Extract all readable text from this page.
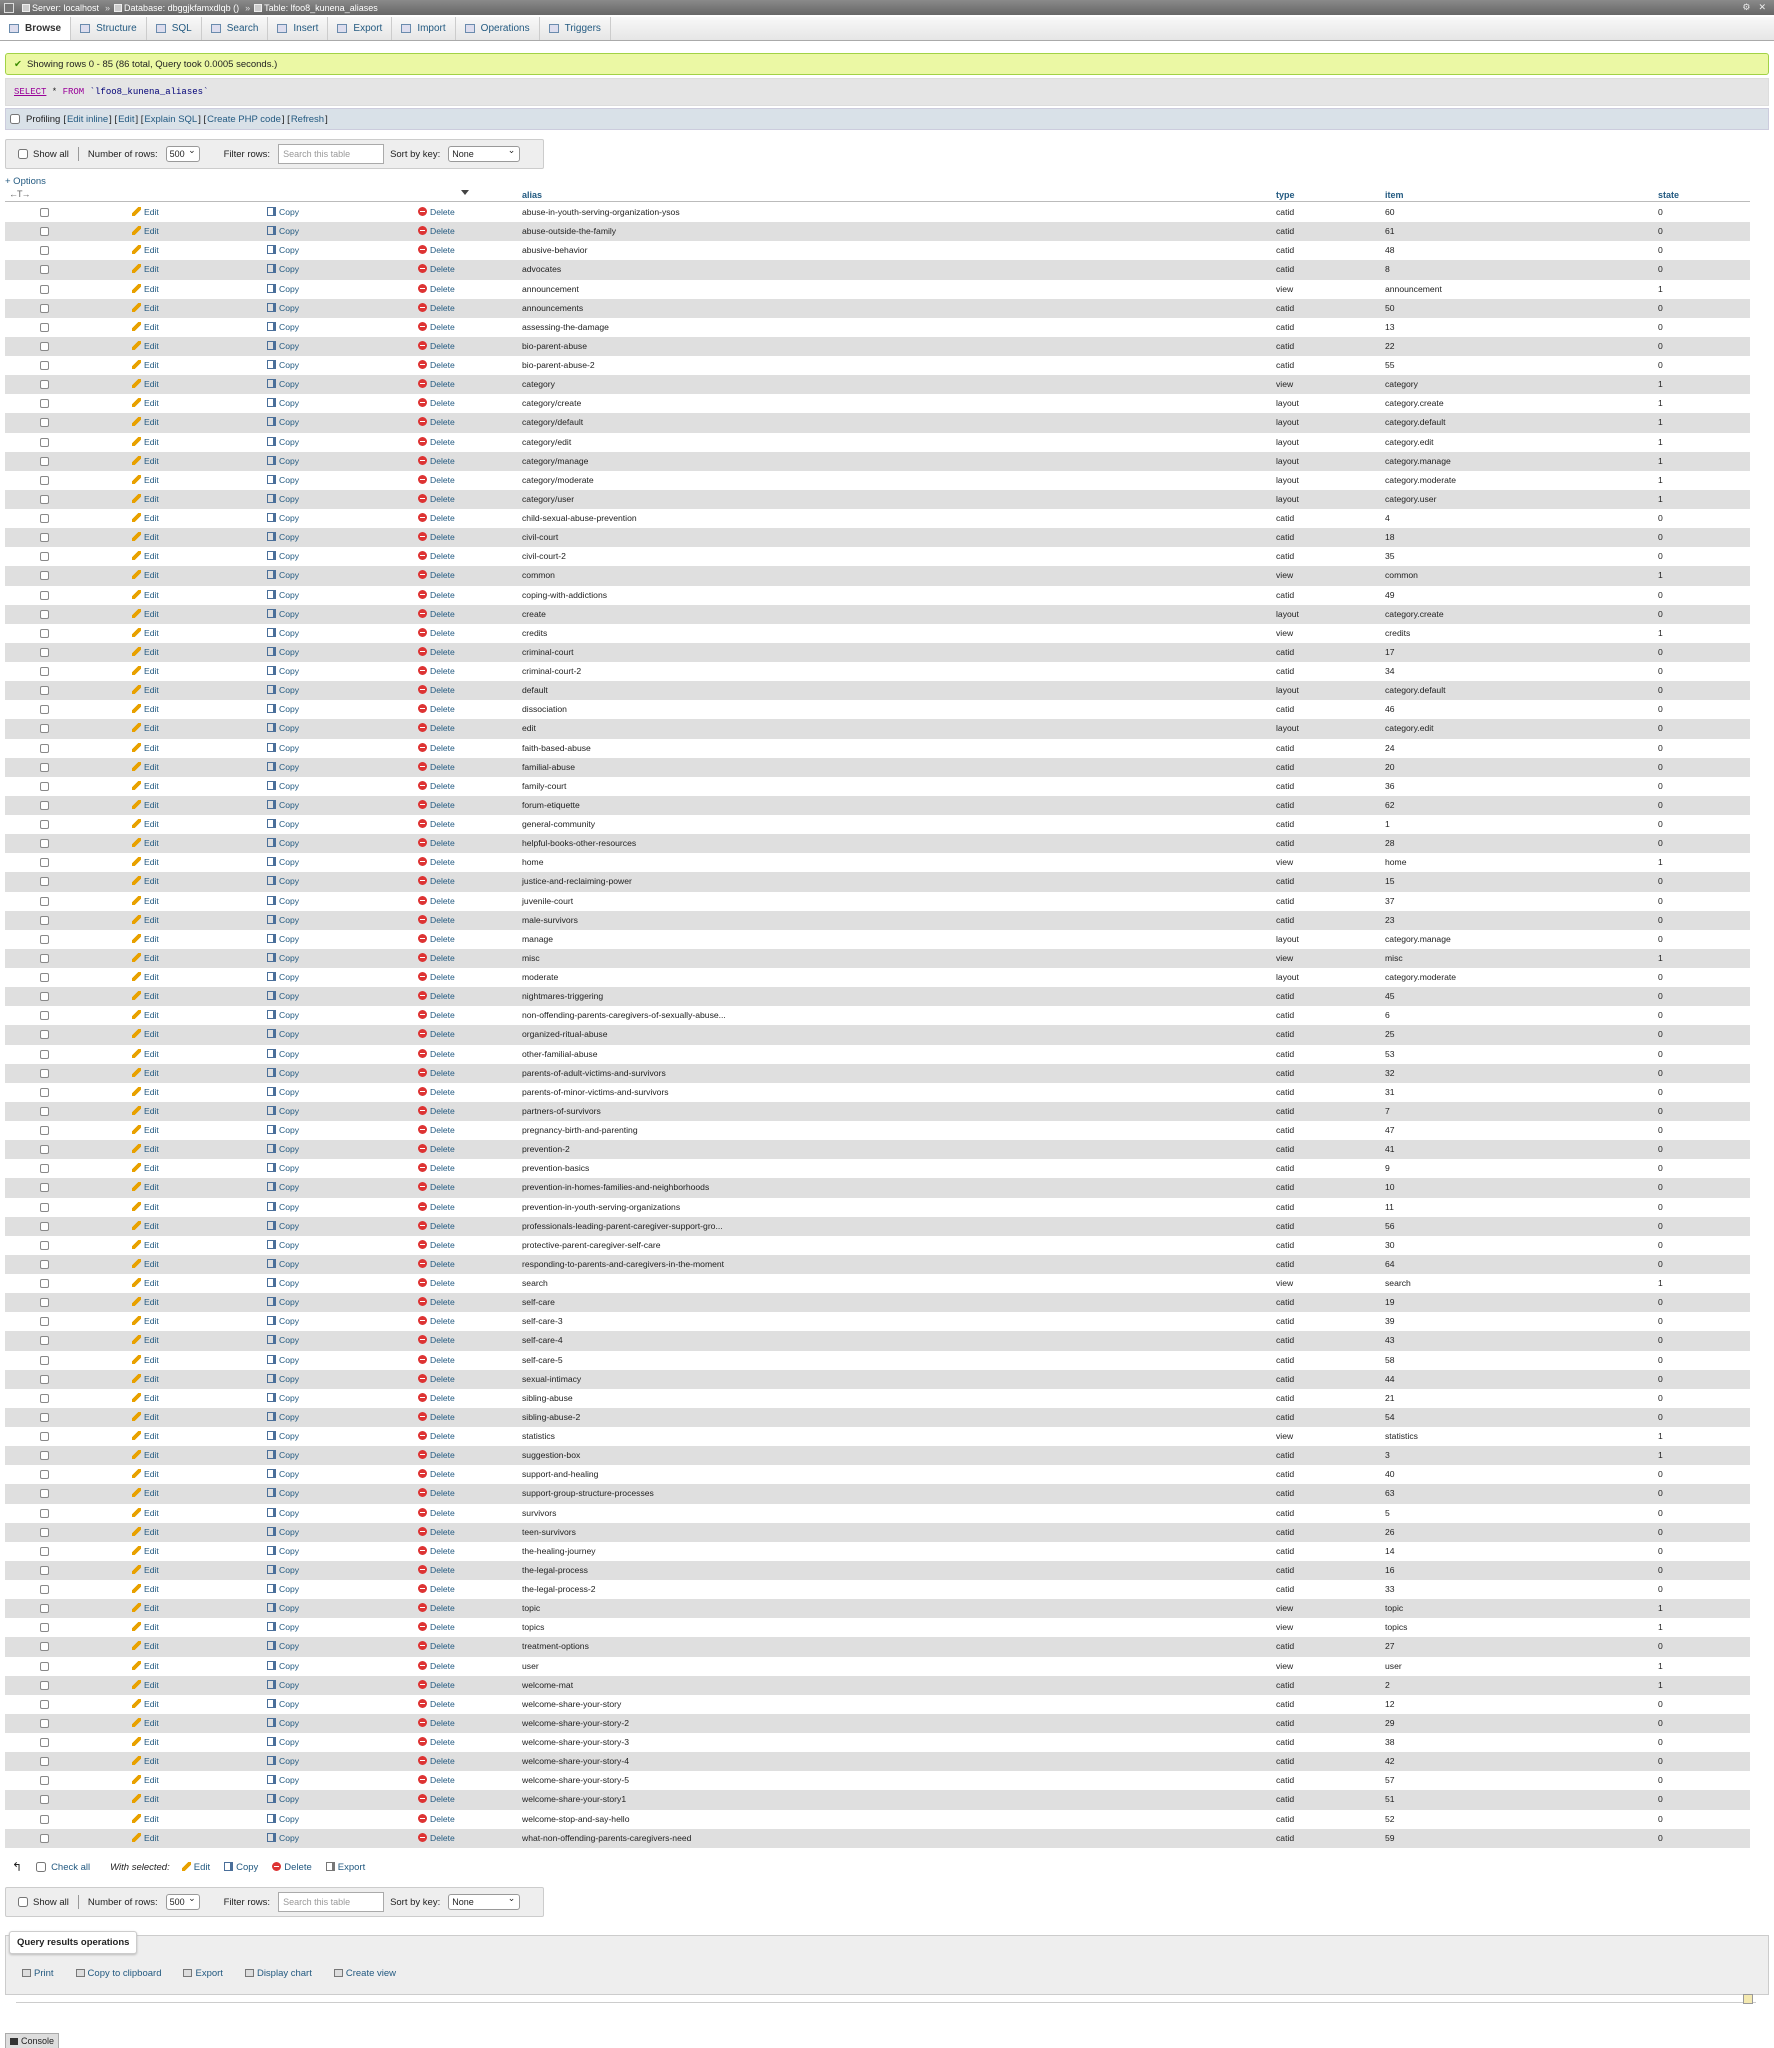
Server: localhost » Database: dbggjkfamxdlqb () » Table: lfoo8_kunena_aliases	⚙ ✕
Browse	Structure	SQL	Search	Insert	Export	Import	Operations	Triggers
✔ Showing rows 0 - 85 (86 total, Query took 0.0005 seconds.)
SELECT * FROM `lfoo8_kunena_aliases`
Profiling [Edit inline] [Edit] [Explain SQL] [Create PHP code] [Refresh]
Show all Number of rows:	500 ⌄	Filter rows:	Search this table	Sort by key:	None ⌄
+ Options
←T→	alias	type	item	state
Edit	Copy	Delete	abuse-in-youth-serving-organization-ysos	catid	60	0
Edit	Copy	Delete	abuse-outside-the-family	catid	61	0
Edit	Copy	Delete	abusive-behavior	catid	48	0
Edit	Copy	Delete	advocates	catid	8	0
Edit	Copy	Delete	announcement	view	announcement	1
Edit	Copy	Delete	announcements	catid	50	0
Edit	Copy	Delete	assessing-the-damage	catid	13	0
Edit	Copy	Delete	bio-parent-abuse	catid	22	0
Edit	Copy	Delete	bio-parent-abuse-2	catid	55	0
Edit	Copy	Delete	category	view	category	1
Edit	Copy	Delete	category/create	layout	category.create	1
Edit	Copy	Delete	category/default	layout	category.default	1
Edit	Copy	Delete	category/edit	layout	category.edit	1
Edit	Copy	Delete	category/manage	layout	category.manage	1
Edit	Copy	Delete	category/moderate	layout	category.moderate	1
Edit	Copy	Delete	category/user	layout	category.user	1
Edit	Copy	Delete	child-sexual-abuse-prevention	catid	4	0
Edit	Copy	Delete	civil-court	catid	18	0
Edit	Copy	Delete	civil-court-2	catid	35	0
Edit	Copy	Delete	common	view	common	1
Edit	Copy	Delete	coping-with-addictions	catid	49	0
Edit	Copy	Delete	create	layout	category.create	0
Edit	Copy	Delete	credits	view	credits	1
Edit	Copy	Delete	criminal-court	catid	17	0
Edit	Copy	Delete	criminal-court-2	catid	34	0
Edit	Copy	Delete	default	layout	category.default	0
Edit	Copy	Delete	dissociation	catid	46	0
Edit	Copy	Delete	edit	layout	category.edit	0
Edit	Copy	Delete	faith-based-abuse	catid	24	0
Edit	Copy	Delete	familial-abuse	catid	20	0
Edit	Copy	Delete	family-court	catid	36	0
Edit	Copy	Delete	forum-etiquette	catid	62	0
Edit	Copy	Delete	general-community	catid	1	0
Edit	Copy	Delete	helpful-books-other-resources	catid	28	0
Edit	Copy	Delete	home	view	home	1
Edit	Copy	Delete	justice-and-reclaiming-power	catid	15	0
Edit	Copy	Delete	juvenile-court	catid	37	0
Edit	Copy	Delete	male-survivors	catid	23	0
Edit	Copy	Delete	manage	layout	category.manage	0
Edit	Copy	Delete	misc	view	misc	1
Edit	Copy	Delete	moderate	layout	category.moderate	0
Edit	Copy	Delete	nightmares-triggering	catid	45	0
Edit	Copy	Delete	non-offending-parents-caregivers-of-sexually-abuse...	catid	6	0
Edit	Copy	Delete	organized-ritual-abuse	catid	25	0
Edit	Copy	Delete	other-familial-abuse	catid	53	0
Edit	Copy	Delete	parents-of-adult-victims-and-survivors	catid	32	0
Edit	Copy	Delete	parents-of-minor-victims-and-survivors	catid	31	0
Edit	Copy	Delete	partners-of-survivors	catid	7	0
Edit	Copy	Delete	pregnancy-birth-and-parenting	catid	47	0
Edit	Copy	Delete	prevention-2	catid	41	0
Edit	Copy	Delete	prevention-basics	catid	9	0
Edit	Copy	Delete	prevention-in-homes-families-and-neighborhoods	catid	10	0
Edit	Copy	Delete	prevention-in-youth-serving-organizations	catid	11	0
Edit	Copy	Delete	professionals-leading-parent-caregiver-support-gro...	catid	56	0
Edit	Copy	Delete	protective-parent-caregiver-self-care	catid	30	0
Edit	Copy	Delete	responding-to-parents-and-caregivers-in-the-moment	catid	64	0
Edit	Copy	Delete	search	view	search	1
Edit	Copy	Delete	self-care	catid	19	0
Edit	Copy	Delete	self-care-3	catid	39	0
Edit	Copy	Delete	self-care-4	catid	43	0
Edit	Copy	Delete	self-care-5	catid	58	0
Edit	Copy	Delete	sexual-intimacy	catid	44	0
Edit	Copy	Delete	sibling-abuse	catid	21	0
Edit	Copy	Delete	sibling-abuse-2	catid	54	0
Edit	Copy	Delete	statistics	view	statistics	1
Edit	Copy	Delete	suggestion-box	catid	3	1
Edit	Copy	Delete	support-and-healing	catid	40	0
Edit	Copy	Delete	support-group-structure-processes	catid	63	0
Edit	Copy	Delete	survivors	catid	5	0
Edit	Copy	Delete	teen-survivors	catid	26	0
Edit	Copy	Delete	the-healing-journey	catid	14	0
Edit	Copy	Delete	the-legal-process	catid	16	0
Edit	Copy	Delete	the-legal-process-2	catid	33	0
Edit	Copy	Delete	topic	view	topic	1
Edit	Copy	Delete	topics	view	topics	1
Edit	Copy	Delete	treatment-options	catid	27	0
Edit	Copy	Delete	user	view	user	1
Edit	Copy	Delete	welcome-mat	catid	2	1
Edit	Copy	Delete	welcome-share-your-story	catid	12	0
Edit	Copy	Delete	welcome-share-your-story-2	catid	29	0
Edit	Copy	Delete	welcome-share-your-story-3	catid	38	0
Edit	Copy	Delete	welcome-share-your-story-4	catid	42	0
Edit	Copy	Delete	welcome-share-your-story-5	catid	57	0
Edit	Copy	Delete	welcome-share-your-story1	catid	51	0
Edit	Copy	Delete	welcome-stop-and-say-hello	catid	52	0
Edit	Copy	Delete	what-non-offending-parents-caregivers-need	catid	59	0
↰	Check all With selected:	Edit	Copy	Delete	Export
Show all Number of rows:	500 ⌄	Filter rows:	Search this table	Sort by key:	None ⌄
Query results operations
Print	Copy to clipboard	Export	Display chart	Create view
Console
